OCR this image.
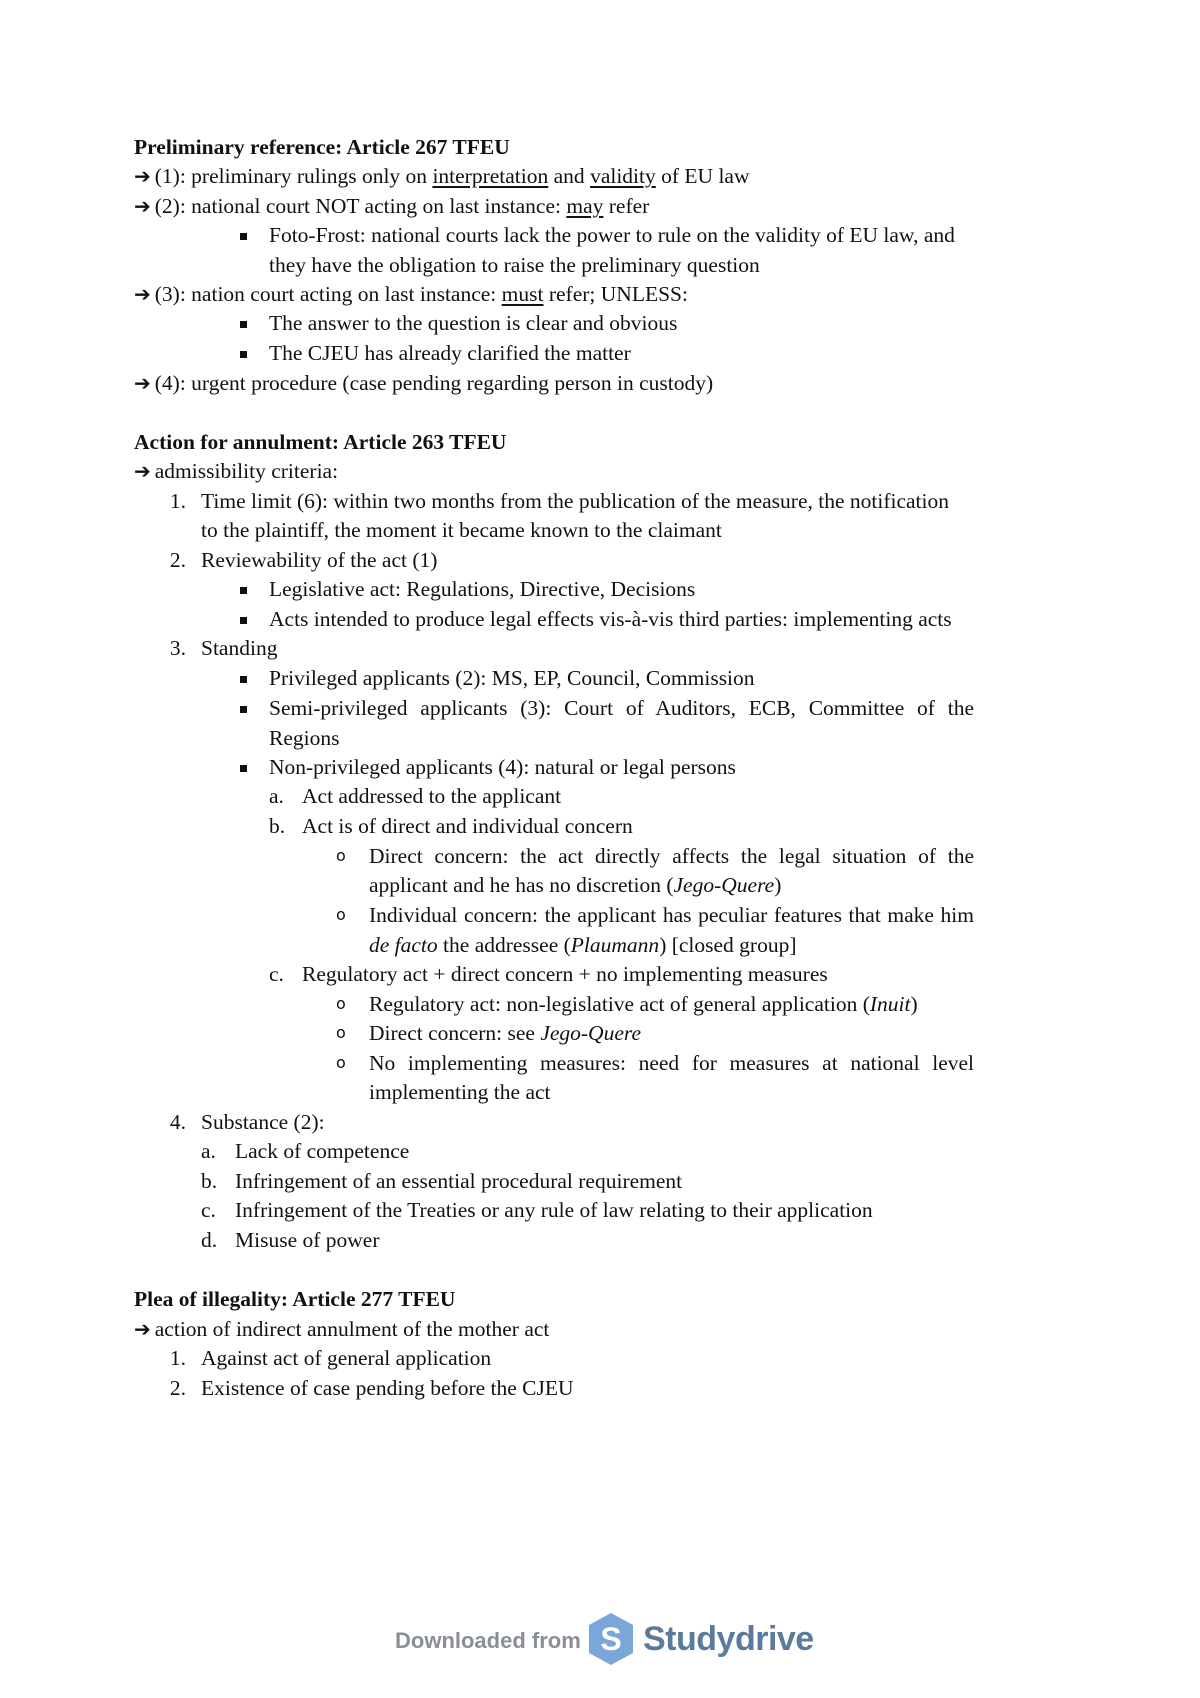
Preliminary reference: Article 267 TFEU
➔ (1): preliminary rulings only on interpretation and validity of EU law
➔ (2): national court NOT acting on last instance: may refer
Foto-Frost: national courts lack the power to rule on the validity of EU law, and
they have the obligation to raise the preliminary question
➔ (3): nation court acting on last instance: must refer; UNLESS:
The answer to the question is clear and obvious
The CJEU has already clarified the matter
➔ (4): urgent procedure (case pending regarding person in custody)
Action for annulment: Article 263 TFEU
➔ admissibility criteria:
1. Time limit (6): within two months from the publication of the measure, the notification
to the plaintiff, the moment it became known to the claimant
2. Reviewability of the act (1)
Legislative act: Regulations, Directive, Decisions
Acts intended to produce legal effects vis-à-vis third parties: implementing acts
3. Standing
Privileged applicants (2): MS, EP, Council, Commission
Semi-privileged applicants (3): Court of Auditors, ECB, Committee of the
Regions
Non-privileged applicants (4): natural or legal persons
a. Act addressed to the applicant
b. Act is of direct and individual concern
o Direct concern: the act directly affects the legal situation of the
applicant and he has no discretion (Jego-Quere)
o Individual concern: the applicant has peculiar features that make him
de facto the addressee (Plaumann) [closed group]
c. Regulatory act + direct concern + no implementing measures
o Regulatory act: non-legislative act of general application (Inuit)
o Direct concern: see Jego-Quere
o No implementing measures: need for measures at national level
implementing the act
4. Substance (2):
a. Lack of competence
b. Infringement of an essential procedural requirement
c. Infringement of the Treaties or any rule of law relating to their application
d. Misuse of power
Plea of illegality: Article 277 TFEU
➔ action of indirect annulment of the mother act
1. Against act of general application
2. Existence of case pending before the CJEU
Downloaded from S Studydrive
